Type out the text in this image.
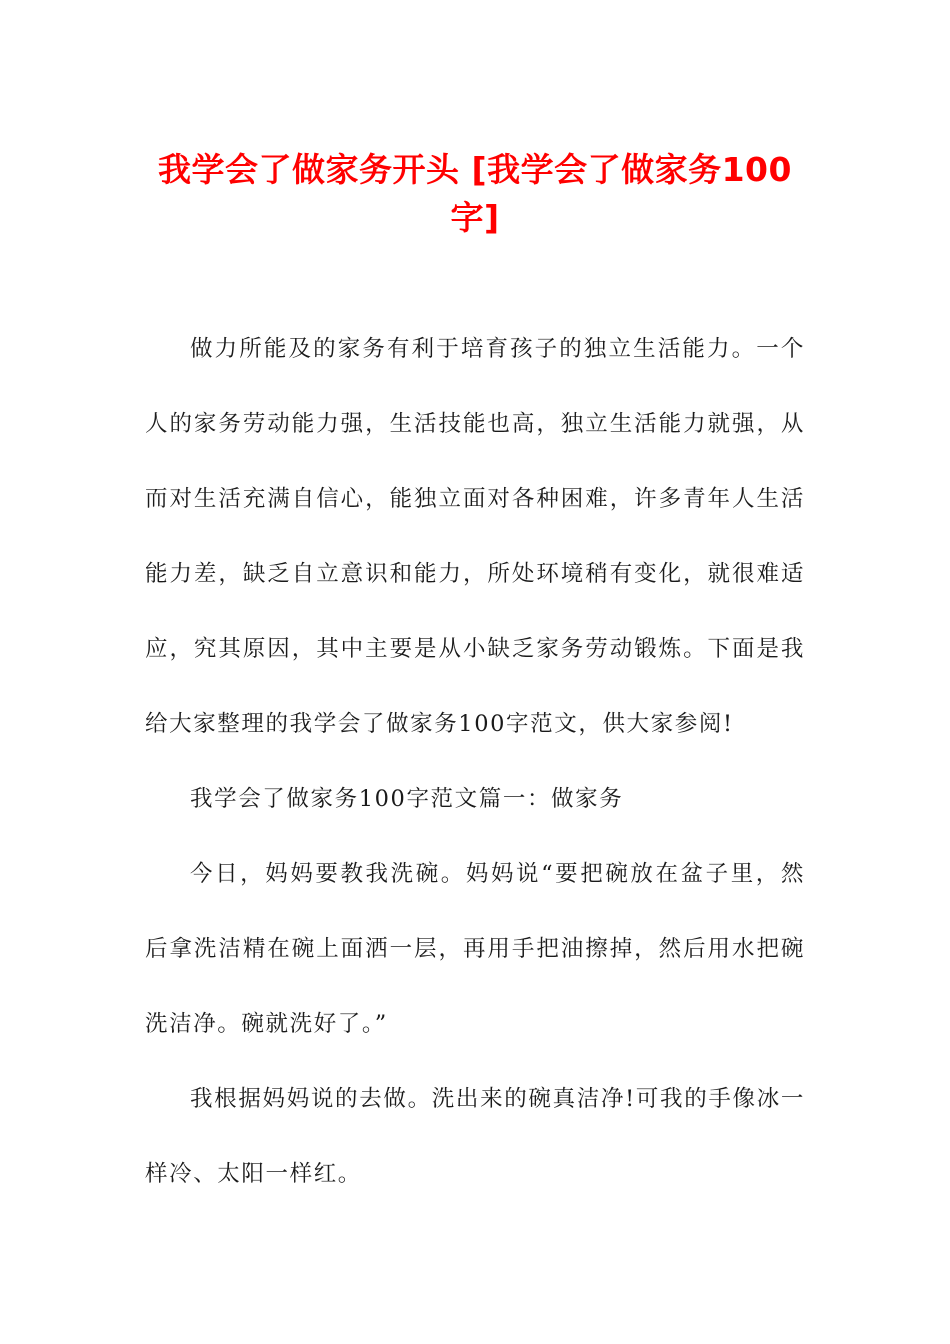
我学会了做家务开头 [我学会了做家务100字]

做力所能及的家务有利于培育孩子的独立生活能力。一个人的家务劳动能力强，生活技能也高，独立生活能力就强，从而对生活充满自信心，能独立面对各种困难，许多青年人生活能力差，缺乏自立意识和能力，所处环境稍有变化，就很难适应，究其原因，其中主要是从小缺乏家务劳动锻炼。下面是我给大家整理的我学会了做家务100字范文，供大家参阅!

我学会了做家务100字范文篇一：做家务

今日，妈妈要教我洗碗。妈妈说“要把碗放在盆子里，然后拿洗洁精在碗上面洒一层，再用手把油擦掉，然后用水把碗洗洁净。碗就洗好了。”

我根据妈妈说的去做。洗出来的碗真洁净!可我的手像冰一样冷、太阳一样红。
